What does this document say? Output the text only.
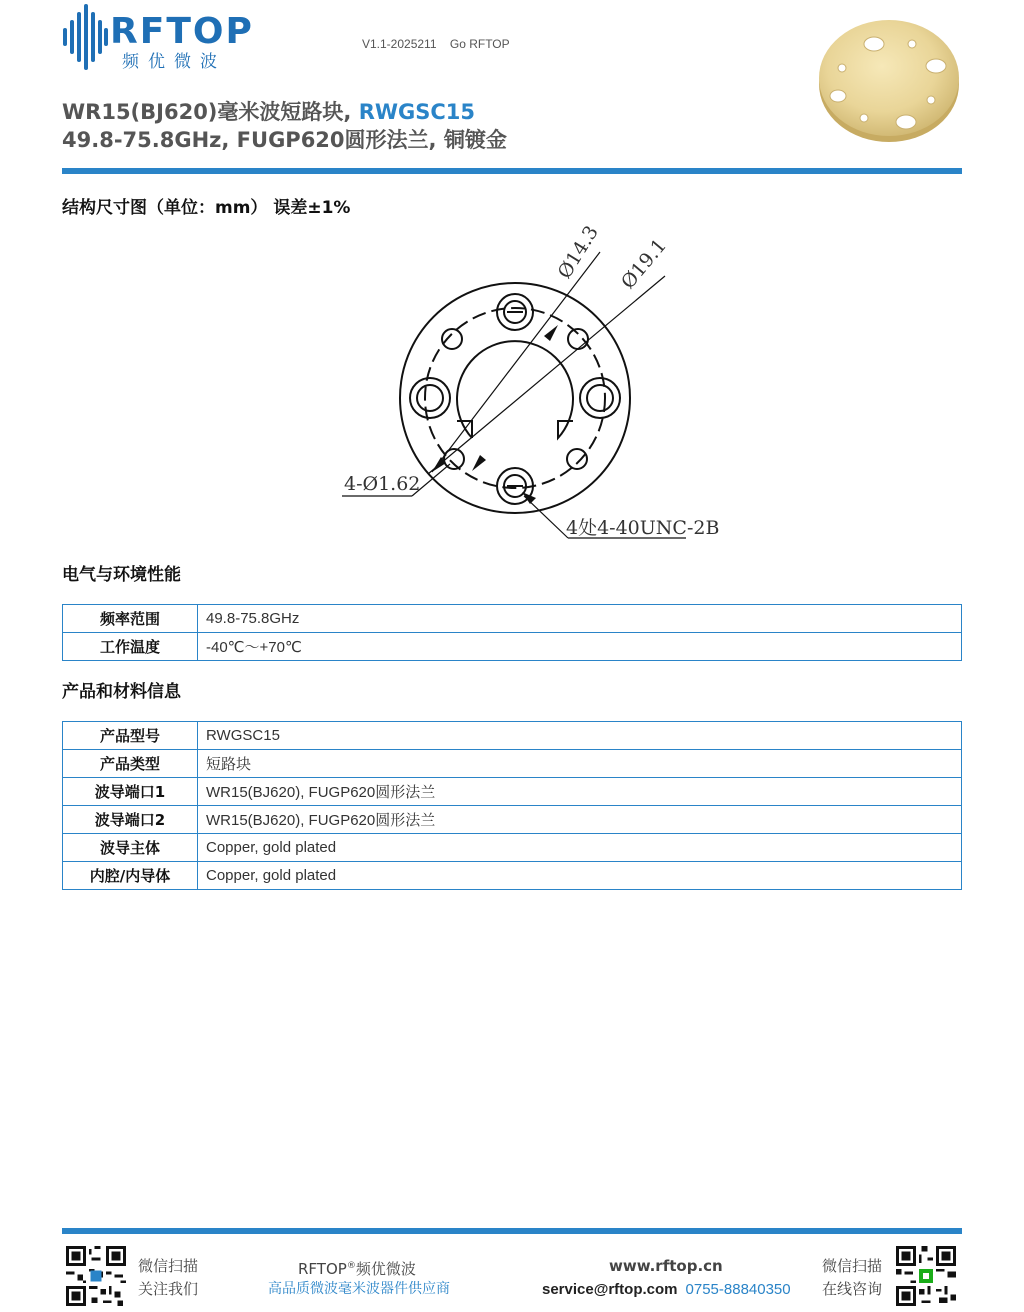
RFTOP
频优微波
V1.1-2025211 Go RFTOP
WR15(BJ620)毫米波短路块, RWGSC15
49.8-75.8GHz, FUGP620圆形法兰, 铜镀金
结构尺寸图（单位：mm） 误差±1%
Ø14.3 Ø19.1
4-Ø1.62
4处4-40UNC-2B
电气与环境性能
频率范围	49.8-75.8GHz
工作温度	-40℃～+70℃
产品和材料信息
产品型号	RWGSC15
产品类型	短路块
波导端口1	WR15(BJ620), FUGP620圆形法兰
波导端口2	WR15(BJ620), FUGP620圆形法兰
波导主体	Copper, gold plated
内腔/内导体	Copper, gold plated
微信扫描
关注我们
RFTOP®频优微波
高品质微波毫米波器件供应商
www.rftop.cn
service@rftop.com 0755-88840350
微信扫描
在线咨询
